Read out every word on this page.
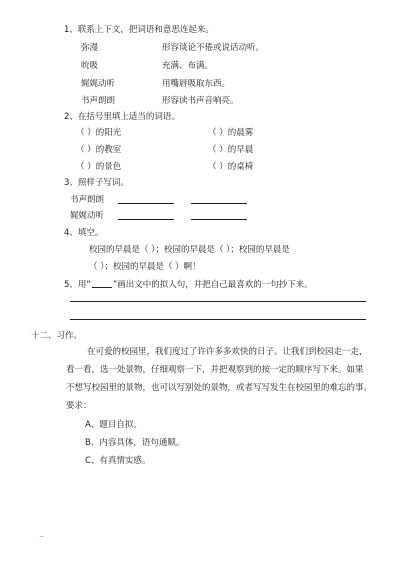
1、联系上下文，把词语和意思连起来。
弥漫	形容谈论不倦或说话动听。
吮吸	充满、布满。
娓娓动听	用嘴唇吸取东西。
书声朗朗	形容读书声音响亮。
2、在括号里填上适当的词语。
（ ）的阳光	（ ）的晨雾
（ ）的教室	（ ）的早晨
（ ）的景色	（ ）的桌椅
3、照样子写词。
书声朗朗
娓娓动听
4、填空。
校园的早晨是（ ）；校园的早晨是（ ）；校园的早晨是
（ ）；校园的早晨是（ ）啊！
5、用“	”画出文中的拟人句，并把自己最喜欢的一句抄下来。
十二、习作。
在可爱的校园里，我们度过了许许多多欢快的日子。让我们到校园走一走，
看一看，选一处景物，仔细观察一下，并把观察到的按一定的顺序写下来。如果
不想写校园里的景物，也可以写别处的景物，或者写写发生在校园里的难忘的事。
要求：
A、题目自拟。
B、内容具体，语句通顺。
C、有真情实感。
--
